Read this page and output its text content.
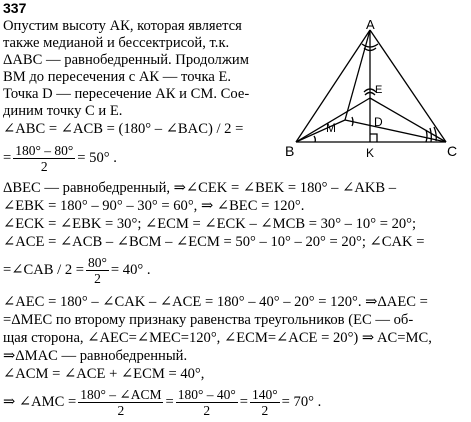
337
Опустим высоту АК, которая является
также медианой и бессектрисой, т.к.
ΔABC — равнобедренный. Продолжим
ВМ до пересечения с АК — точка Е.
Точка D — пересечение АК и СМ. Сое-
диним точку С и Е.
∠ABC = ∠ACB = (180° – ∠BAC) / 2 =
= $\frac{180^\circ - 80^\circ}{2} = 50^\circ$ .
A
B	C
K
M
E
D
ΔBEC — равнобедренный, ⇒∠CEK = ∠BEK = 180° – ∠AKB –
∠EBK = 180° – 90° – 30° = 60°, ⇒ ∠BEC = 120°.
∠ECK = ∠EBK = 30°; ∠ECM = ∠ECK – ∠MCB = 30° – 10° = 20°;
∠ACE = ∠ACB – ∠BCM – ∠ECM = 50° – 10° – 20° = 20°; ∠CAK =
=∠CAB / $2 = \frac{80^\circ}{2} = 40^\circ$ .
∠AEC = 180° – ∠CAK – ∠ACE = 180° – 40° – 20° = 120°. ⇒ΔAEC =
=ΔMEC по второму признаку равенства треугольников (ЕС — об-
щая сторона, ∠AEC=∠MEC=120°, ∠ECM=∠ACE = 20°) ⇒ AC=MC,
⇒ΔMAC — равнобедренный.
∠ACM = ∠ACE + ∠ECM = 40°,
⇒ ∠AMC = $\frac{\text{180° – ∠ACM}}{2} = \frac{180^\circ - 40^\circ}{2} = \frac{140^\circ}{2} = 70^\circ$ .
